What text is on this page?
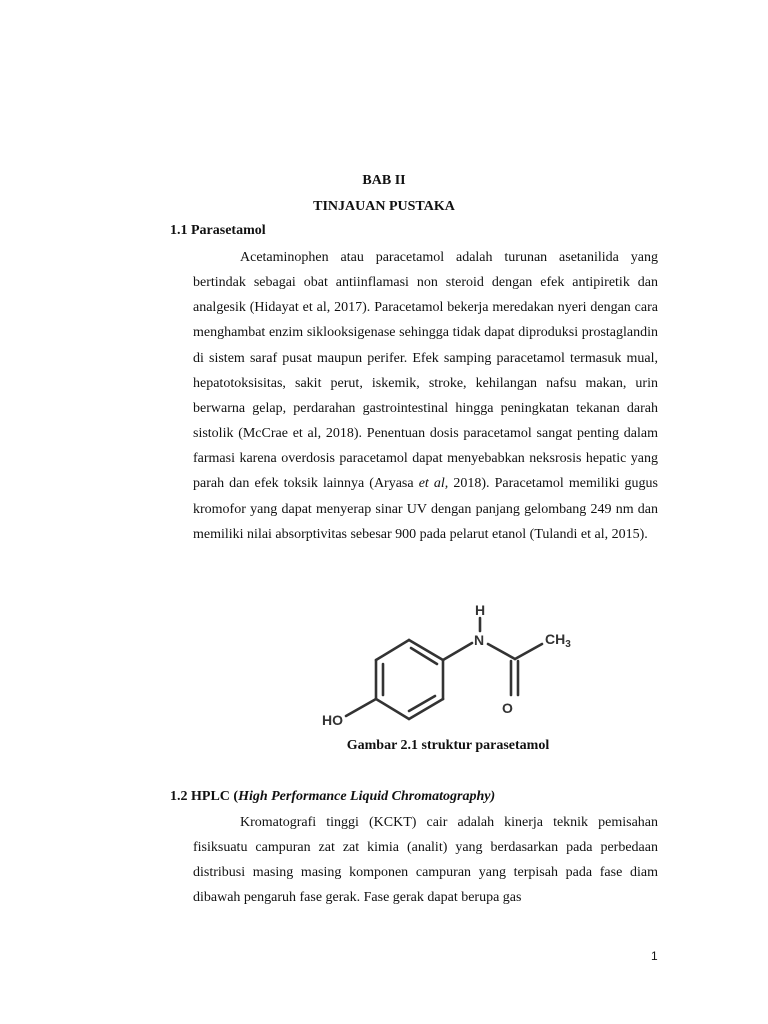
BAB II

TINJAUAN PUSTAKA

1.1 Parasetamol

Acetaminophen atau paracetamol adalah turunan asetanilida yang bertindak sebagai obat antiinflamasi non steroid dengan efek antipiretik dan analgesik (Hidayat et al, 2017). Paracetamol bekerja meredakan nyeri dengan cara menghambat enzim siklooksigenase sehingga tidak dapat diproduksi prostaglandin di sistem saraf pusat maupun perifer. Efek samping paracetamol termasuk mual, hepatotoksisitas, sakit perut, iskemik, stroke, kehilangan nafsu makan, urin berwarna gelap, perdarahan gastrointestinal hingga peningkatan tekanan darah sistolik (McCrae et al, 2018). Penentuan dosis paracetamol sangat penting dalam farmasi karena overdosis paracetamol dapat menyebabkan neksrosis hepatic yang parah dan efek toksik lainnya (Aryasa et al, 2018). Paracetamol memiliki gugus kromofor yang dapat menyerap sinar UV dengan panjang gelombang 249 nm dan memiliki nilai absorptivitas sebesar 900 pada pelarut etanol (Tulandi et al, 2015).

H
N	$CH_3$
O
HO

Gambar 2.1 struktur parasetamol

1.2 HPLC (High Performance Liquid Chromatography)

Kromatografi tinggi (KCKT) cair adalah kinerja teknik pemisahan fisiksuatu campuran zat zat kimia (analit) yang berdasarkan pada perbedaan distribusi masing masing komponen campuran yang terpisah pada fase diam dibawah pengaruh fase gerak. Fase gerak dapat berupa gas

1
